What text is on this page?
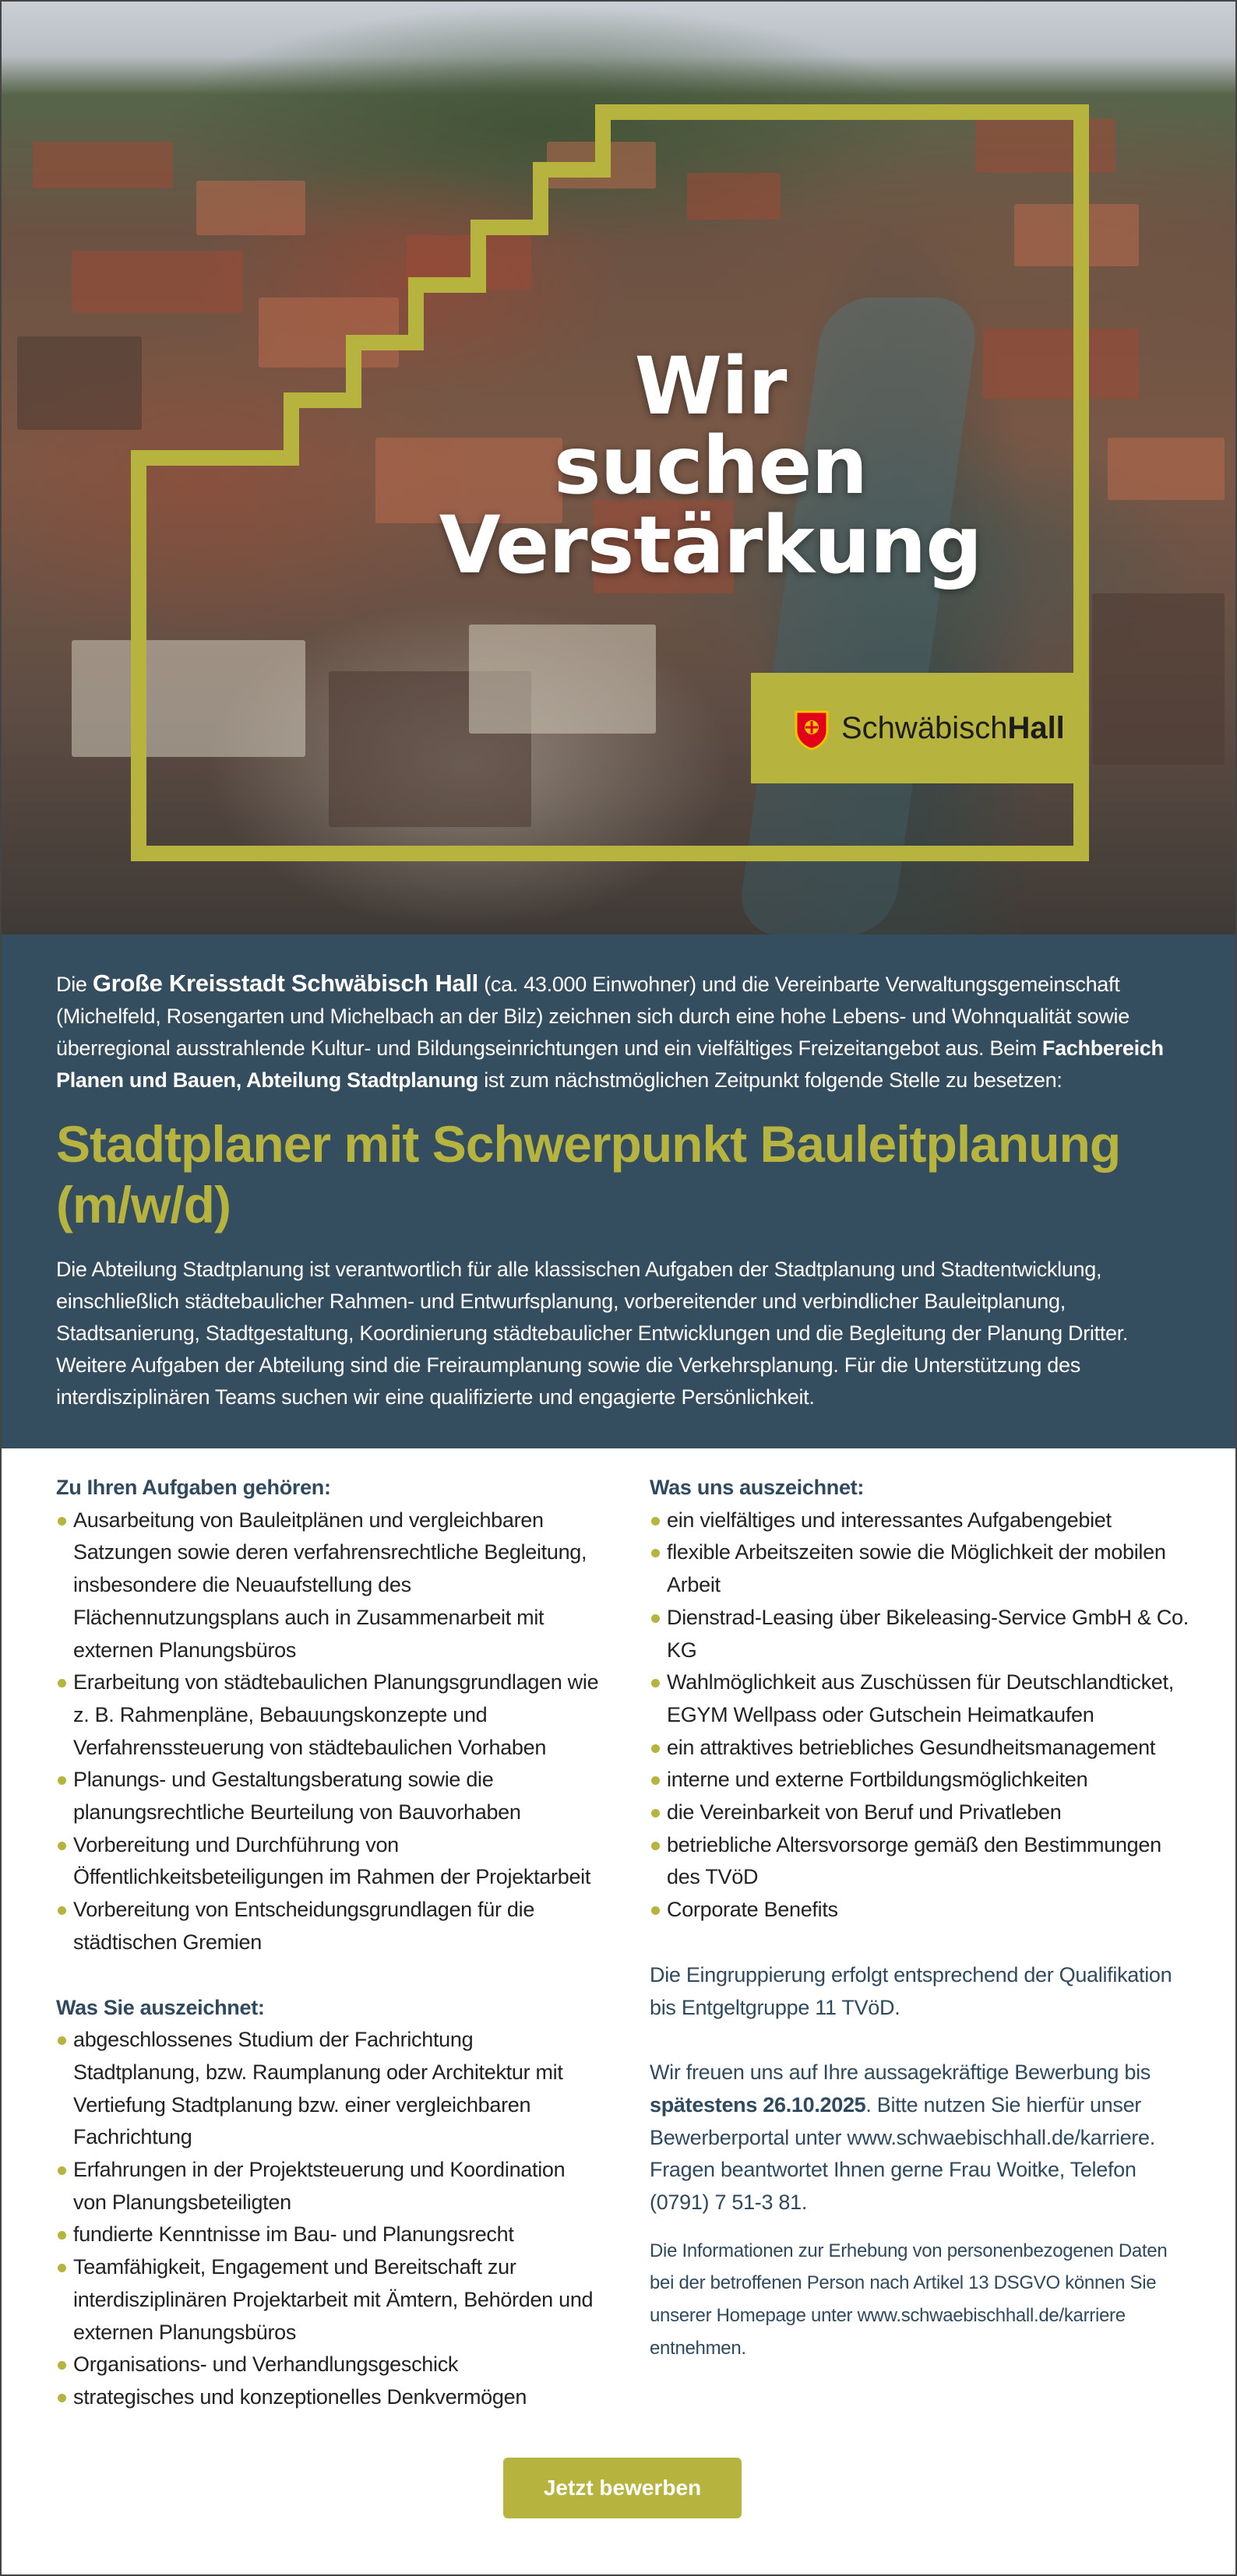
Wir
suchen
Verstärkung
SchwäbischHall

Die Große Kreisstadt Schwäbisch Hall (ca. 43.000 Einwohner) und die Vereinbarte Verwaltungsgemeinschaft (Michelfeld, Rosengarten und Michelbach an der Bilz) zeichnen sich durch eine hohe Lebens- und Wohnqualität sowie überregional ausstrahlende Kultur- und Bildungseinrichtungen und ein vielfältiges Freizeitangebot aus. Beim Fachbereich Planen und Bauen, Abteilung Stadtplanung ist zum nächstmöglichen Zeitpunkt folgende Stelle zu besetzen:

Stadtplaner mit Schwerpunkt Bauleitplanung (m/w/d)

Die Abteilung Stadtplanung ist verantwortlich für alle klassischen Aufgaben der Stadtplanung und Stadtentwicklung, einschließlich städtebaulicher Rahmen- und Entwurfsplanung, vorbereitender und verbindlicher Bauleitplanung, Stadtsanierung, Stadtgestaltung, Koordinierung städtebaulicher Entwicklungen und die Begleitung der Planung Dritter. Weitere Aufgaben der Abteilung sind die Freiraumplanung sowie die Verkehrsplanung. Für die Unterstützung des interdisziplinären Teams suchen wir eine qualifizierte und engagierte Persönlichkeit.

Zu Ihren Aufgaben gehören:
Ausarbeitung von Bauleitplänen und vergleichbaren Satzungen sowie deren verfahrensrechtliche Begleitung, insbesondere die Neuaufstellung des Flächennutzungsplans auch in Zusammenarbeit mit externen Planungsbüros
Erarbeitung von städtebaulichen Planungsgrundlagen wie z. B. Rahmenpläne, Bebauungskonzepte und Verfahrenssteuerung von städtebaulichen Vorhaben
Planungs- und Gestaltungsberatung sowie die planungsrechtliche Beurteilung von Bauvorhaben
Vorbereitung und Durchführung von Öffentlichkeitsbeteiligungen im Rahmen der Projektarbeit
Vorbereitung von Entscheidungsgrundlagen für die städtischen Gremien
Was Sie auszeichnet:
abgeschlossenes Studium der Fachrichtung Stadtplanung, bzw. Raumplanung oder Architektur mit Vertiefung Stadtplanung bzw. einer vergleichbaren Fachrichtung
Erfahrungen in der Projektsteuerung und Koordination von Planungsbeteiligten
fundierte Kenntnisse im Bau- und Planungsrecht
Teamfähigkeit, Engagement und Bereitschaft zur interdisziplinären Projektarbeit mit Ämtern, Behörden und externen Planungsbüros
Organisations- und Verhandlungsgeschick
strategisches und konzeptionelles Denkvermögen
Was uns auszeichnet:
ein vielfältiges und interessantes Aufgabengebiet
flexible Arbeitszeiten sowie die Möglichkeit der mobilen Arbeit
Dienstrad-Leasing über Bikeleasing-Service GmbH & Co. KG
Wahlmöglichkeit aus Zuschüssen für Deutschlandticket, EGYM Wellpass oder Gutschein Heimatkaufen
ein attraktives betriebliches Gesundheitsmanagement
interne und externe Fortbildungsmöglichkeiten
die Vereinbarkeit von Beruf und Privatleben
betriebliche Altersvorsorge gemäß den Bestimmungen des TVöD
Corporate Benefits

Die Eingruppierung erfolgt entsprechend der Qualifikation bis Entgeltgruppe 11 TVöD.

Wir freuen uns auf Ihre aussagekräftige Bewerbung bis spätestens 26.10.2025. Bitte nutzen Sie hierfür unser Bewerberportal unter www.schwaebischhall.de/karriere. Fragen beantwortet Ihnen gerne Frau Woitke, Telefon (0791) 7 51-3 81.

Die Informationen zur Erhebung von personenbezogenen Daten bei der betroffenen Person nach Artikel 13 DSGVO können Sie unserer Homepage unter www.schwaebischhall.de/karriere entnehmen.

Jetzt bewerben
